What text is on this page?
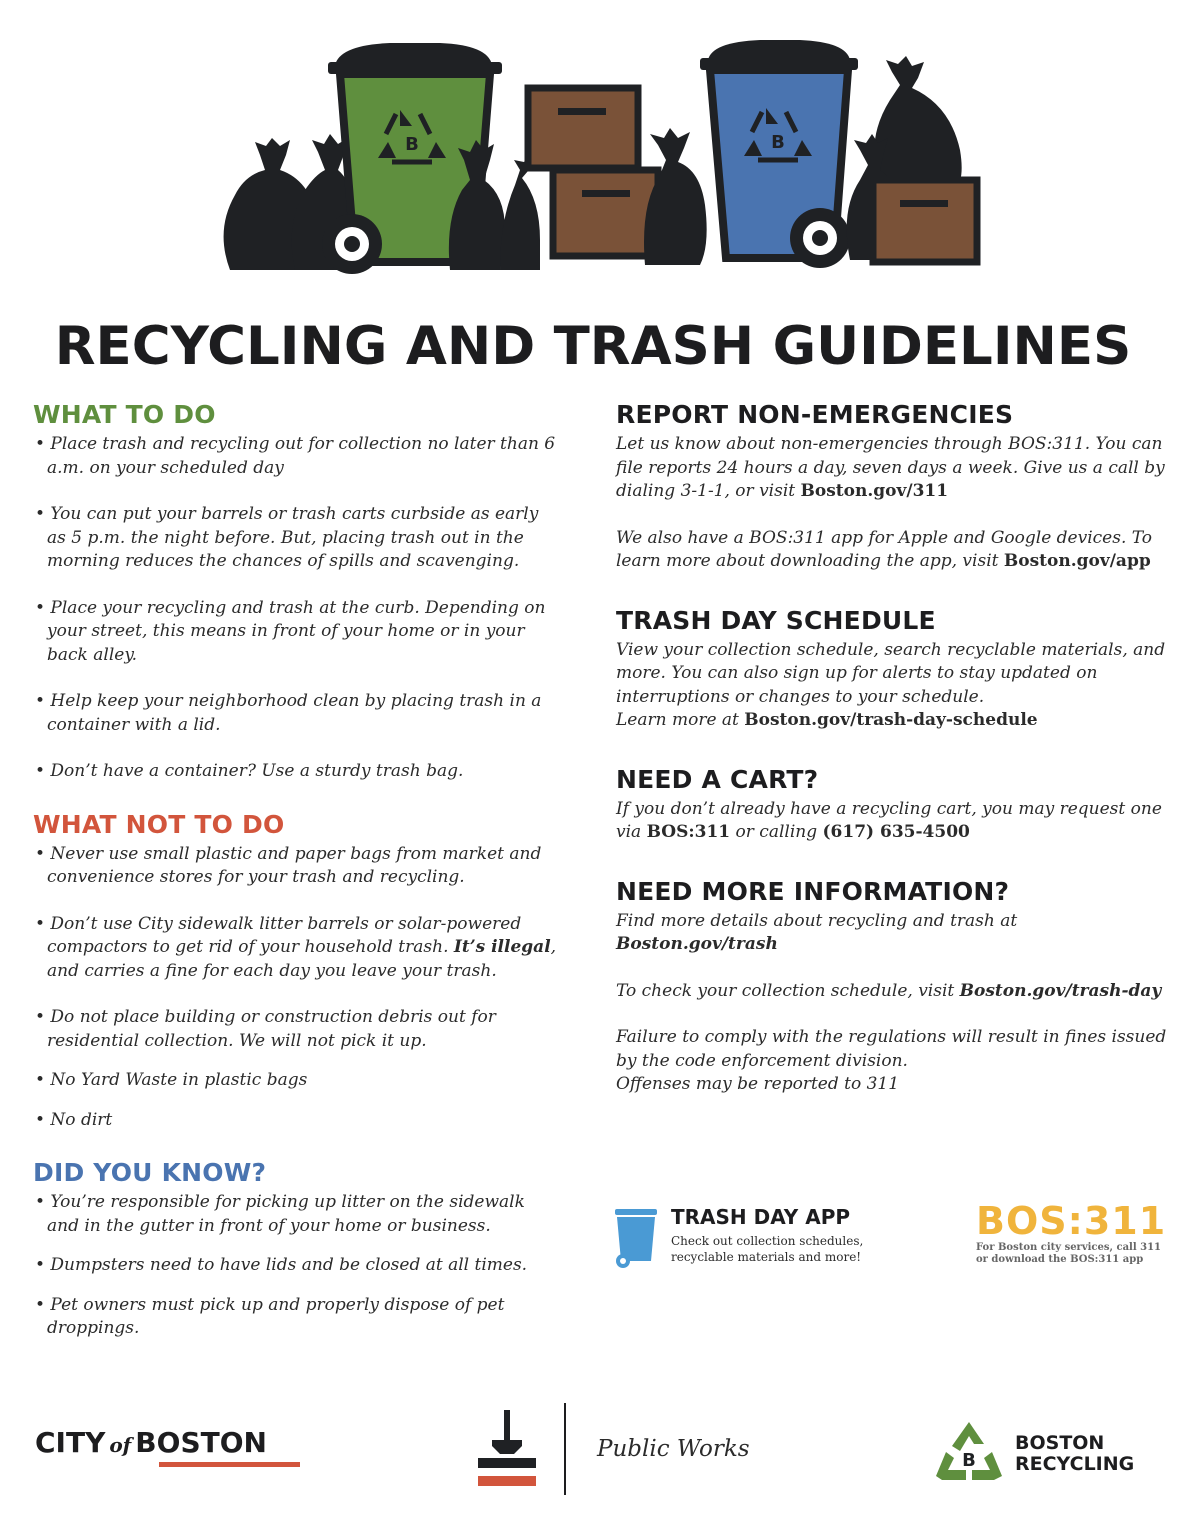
B	B
RECYCLING AND TRASH GUIDELINES
WHAT TO DO
• Place trash and recycling out for collection no later than 6 a.m. on your scheduled day
• You can put your barrels or trash carts curbside as early as 5 p.m. the night before. But, placing trash out in the morning reduces the chances of spills and scavenging.
• Place your recycling and trash at the curb. Depending on your street, this means in front of your home or in your back alley.
• Help keep your neighborhood clean by placing trash in a container with a lid.
• Don’t have a container? Use a sturdy trash bag.
WHAT NOT TO DO
• Never use small plastic and paper bags from market and convenience stores for your trash and recycling.
• Don’t use City sidewalk litter barrels or solar-powered compactors to get rid of your household trash. It’s illegal, and carries a fine for each day you leave your trash.
• Do not place building or construction debris out for residential collection. We will not pick it up.
• No Yard Waste in plastic bags
• No dirt
DID YOU KNOW?
• You’re responsible for picking up litter on the sidewalk and in the gutter in front of your home or business.
• Dumpsters need to have lids and be closed at all times.
• Pet owners must pick up and properly dispose of pet droppings.
REPORT NON-EMERGENCIES

Let us know about non-emergencies through BOS:311. You can file reports 24 hours a day, seven days a week. Give us a call by dialing 3-1-1, or visit Boston.gov/311

We also have a BOS:311 app for Apple and Google devices. To learn more about downloading the app, visit Boston.gov/app

TRASH DAY SCHEDULE

View your collection schedule, search recyclable materials, and more. You can also sign up for alerts to stay updated on interruptions or changes to your schedule.
Learn more at Boston.gov/trash-day-schedule

NEED A CART?

If you don’t already have a recycling cart, you may request one via BOS:311 or calling (617) 635-4500

NEED MORE INFORMATION?

Find more details about recycling and trash at
Boston.gov/trash

To check your collection schedule, visit Boston.gov/trash-day

Failure to comply with the regulations will result in fines issued by the code enforcement division.
Offenses may be reported to 311

TRASH DAY APP
Check out collection schedules,
recyclable materials and more!
BOS:311
For Boston city services, call 311
or download the BOS:311 app
CITY of BOSTON	Public Works	B
BOSTON
RECYCLING
